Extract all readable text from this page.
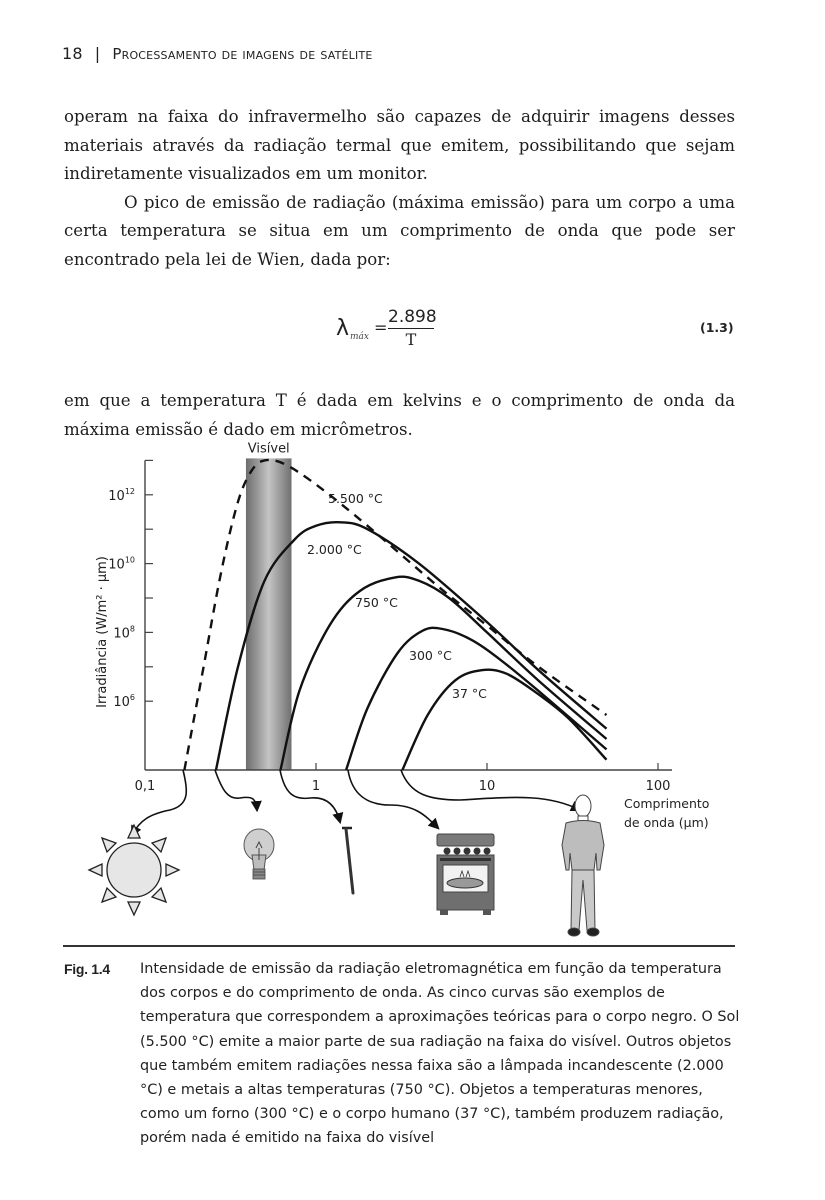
18 | Processamento de imagens de satélite

operam na faixa do infravermelho são capazes de adquirir imagens desses materiais através da radiação termal que emitem, possibilitando que sejam indiretamente visualizados em um monitor.

O pico de emissão de radiação (máxima emissão) para um corpo a uma certa temperatura se situa em um comprimento de onda que pode ser encontrado pela lei de Wien, dada por:

λ máx =
2.898
T
(1.3)

em que a temperatura T é dada em kelvins e o comprimento de onda da máxima emissão é dado em micrômetros.

Visível
$10^{12}$
$10^{10}$
$10^8$
$10^6$
0,1	1	10	100
5.500 °C
2.000 °C
750 °C
300 °C
37 °C
Irradiância (W/m² · µm)
Comprimento
de onda (µm)
Fig. 1.4 Intensidade de emissão da radiação eletromagnética em função da temperatura dos corpos e do comprimento de onda. As cinco curvas são exemplos de temperatura que correspondem a aproximações teóricas para o corpo negro. O Sol (5.500 °C) emite a maior parte de sua radiação na faixa do visível. Outros objetos que também emitem radiações nessa faixa são a lâmpada incandescente (2.000 °C) e metais a altas temperaturas (750 °C). Objetos a temperaturas menores, como um forno (300 °C) e o corpo humano (37 °C), também produzem radiação, porém nada é emitido na faixa do visível
